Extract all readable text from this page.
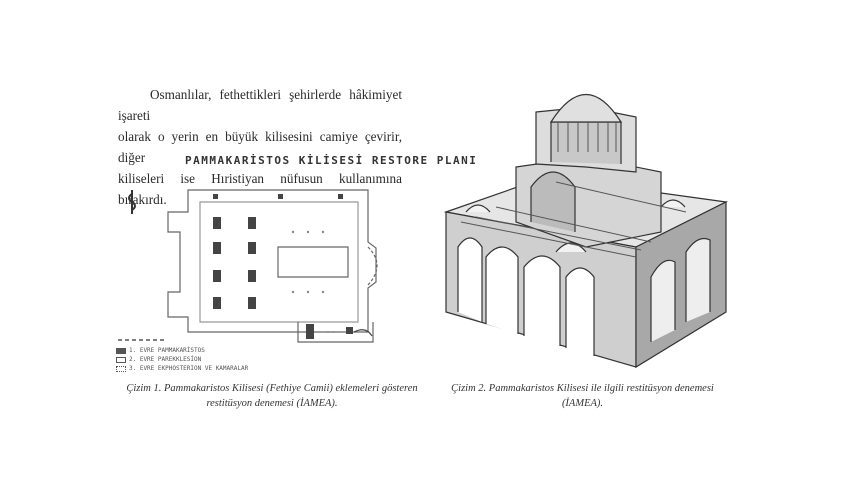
Osmanlılar, fethettikleri şehirlerde hâkimiyet işareti
olarak o yerin en büyük kilisesini camiye çevirir, diğer
kiliseleri ise Hıristiyan nüfusun kullanımına bırakırdı.
PAMMAKARİSTOS KİLİSESİ RESTORE PLANI
1. EVRE PAMMAKARİSTOS
2. EVRE PAREKKLESİON
3. EVRE EKPHOSTERION VE KAMARALAR
Çizim 1. Pammakaristos Kilisesi (Fethiye Camii) eklemeleri gösteren
restitüsyon denemesi (İAMEA).
Çizim 2. Pammakaristos Kilisesi ile ilgili restitüsyon denemesi
(İAMEA).
